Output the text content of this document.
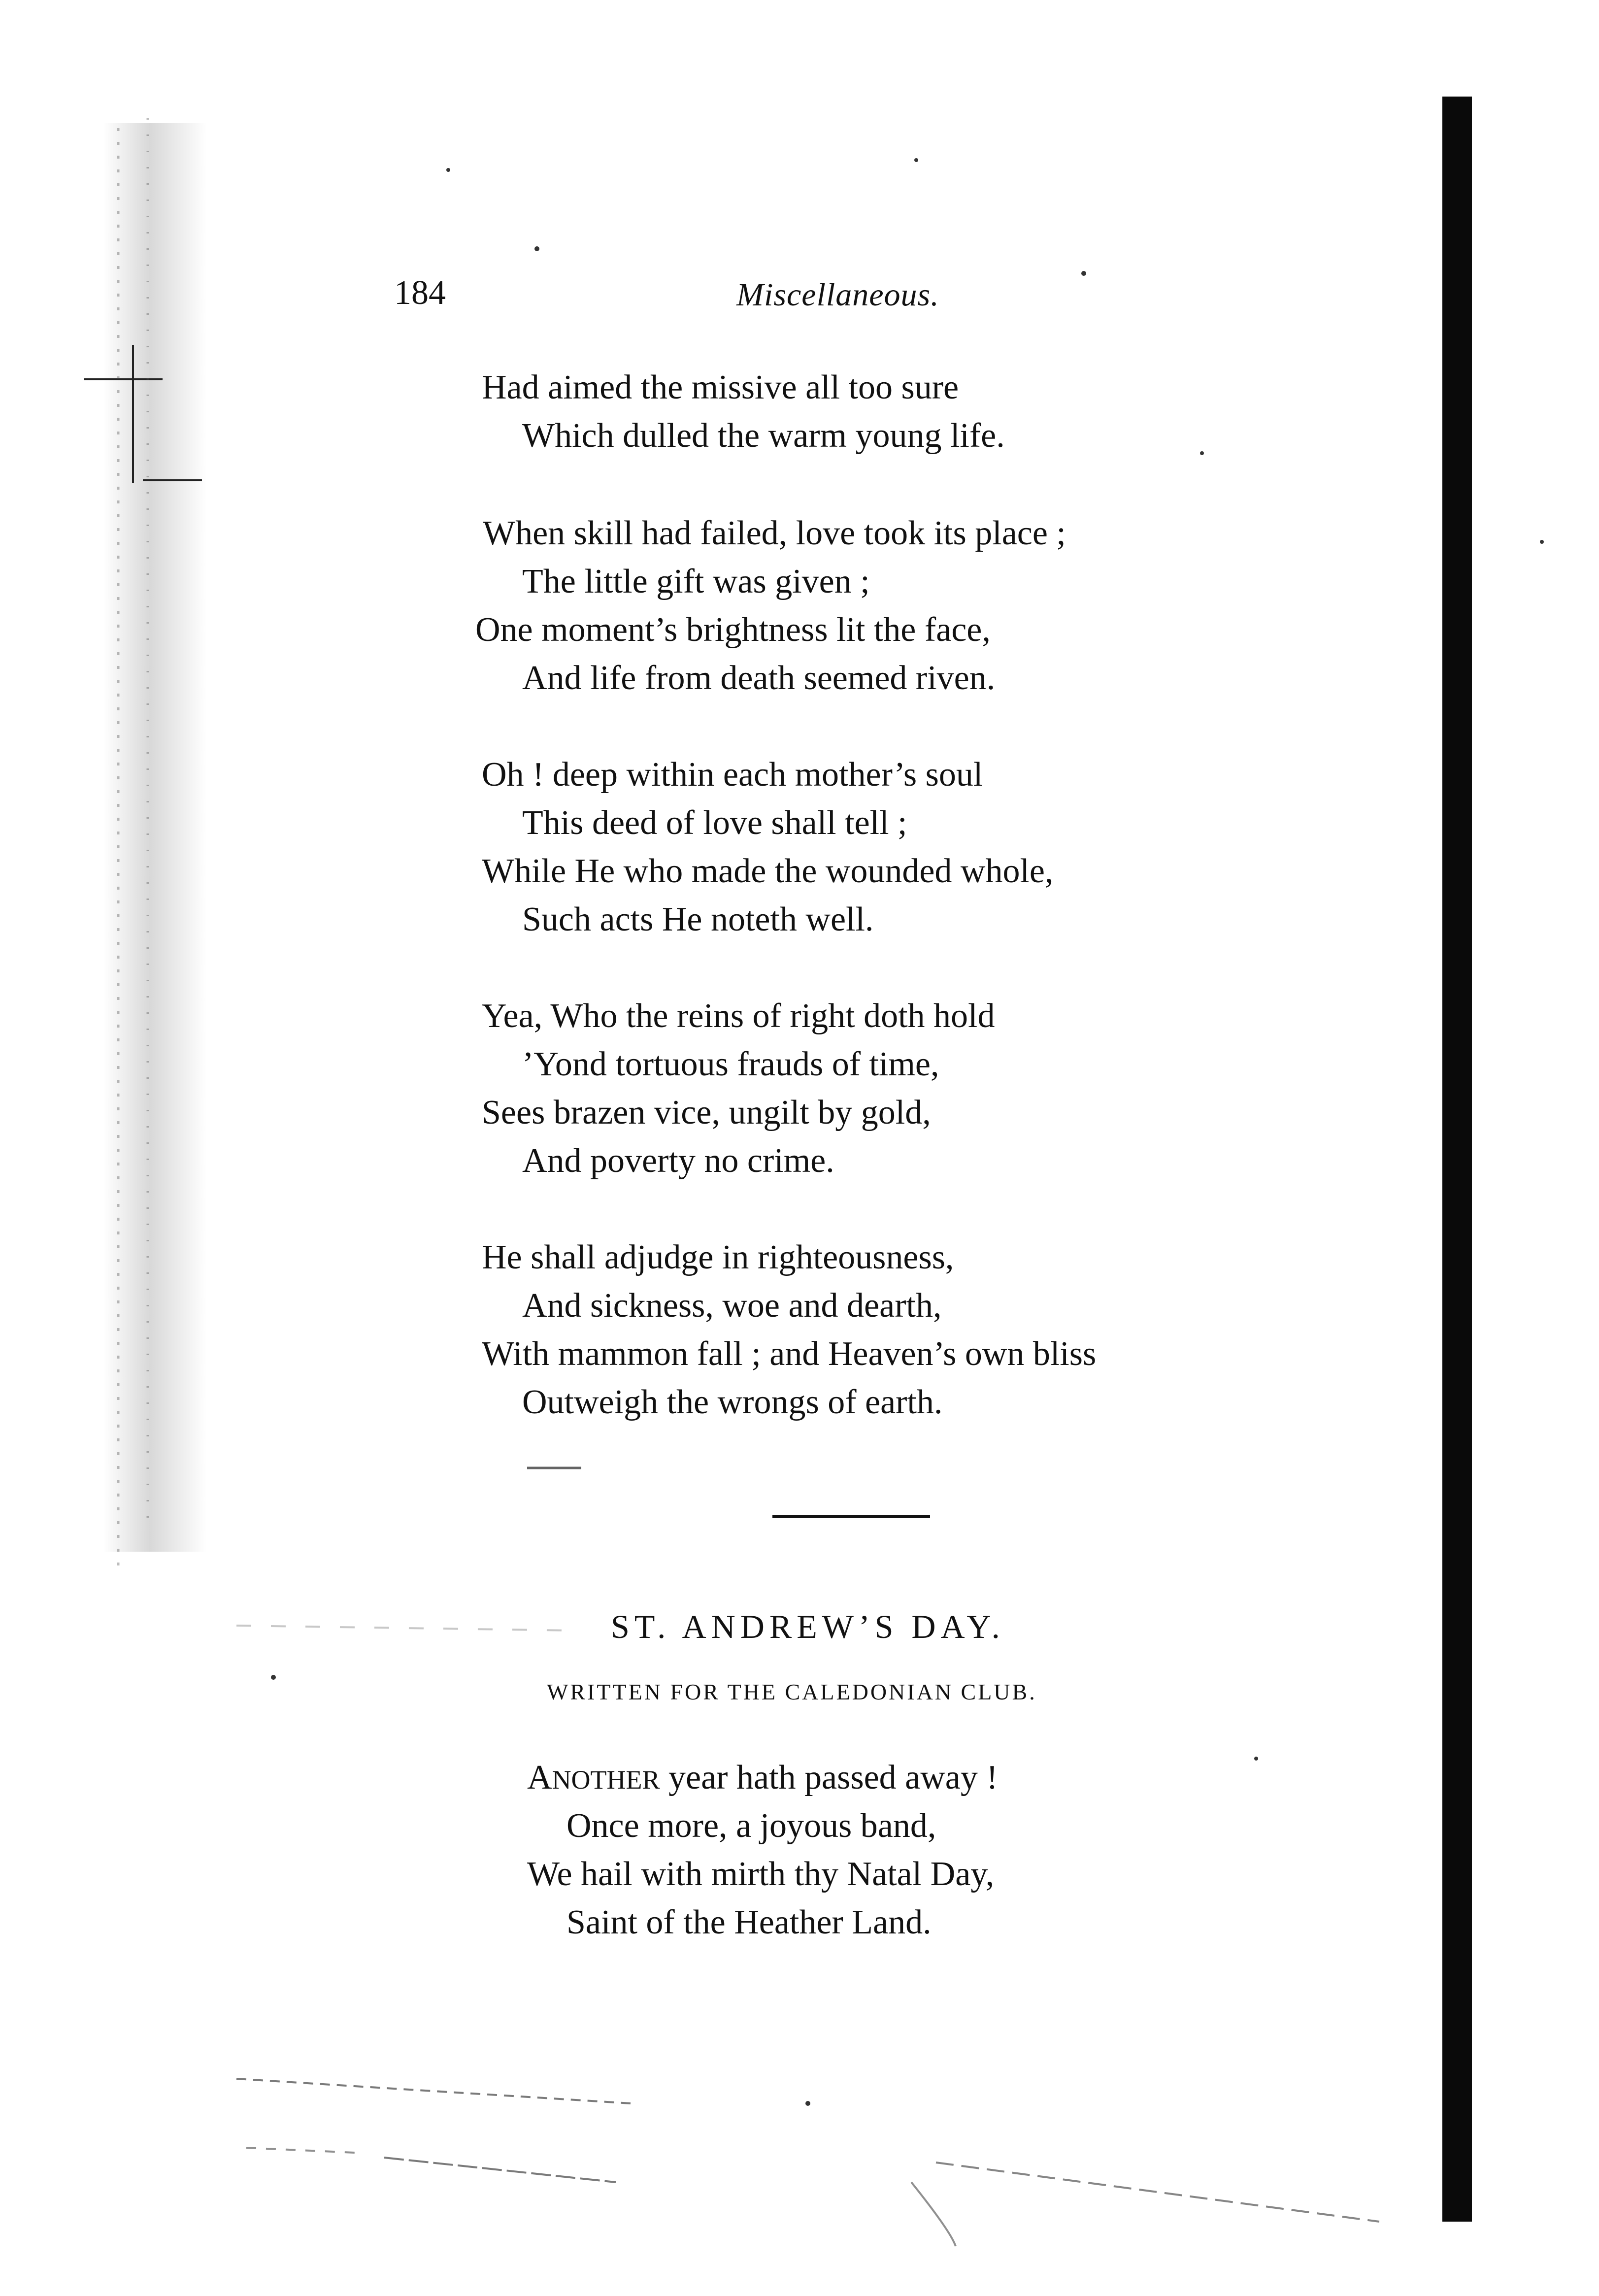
184	Miscellaneous.
Had aimed the missive all too sure
Which dulled the warm young life.
When skill had failed, love took its place ;
The little gift was given ;
One moment’s brightness lit the face,
And life from death seemed riven.
Oh ! deep within each mother’s soul
This deed of love shall tell ;
While He who made the wounded whole,
Such acts He noteth well.
Yea, Who the reins of right doth hold
’Yond tortuous frauds of time,
Sees brazen vice, ungilt by gold,
And poverty no crime.
He shall adjudge in righteousness,
And sickness, woe and dearth,
With mammon fall ; and Heaven’s own bliss
Outweigh the wrongs of earth.
ST. ANDREW’S DAY.
WRITTEN FOR THE CALEDONIAN CLUB.
ANOTHER year hath passed away !
Once more, a joyous band,
We hail with mirth thy Natal Day,
Saint of the Heather Land.
